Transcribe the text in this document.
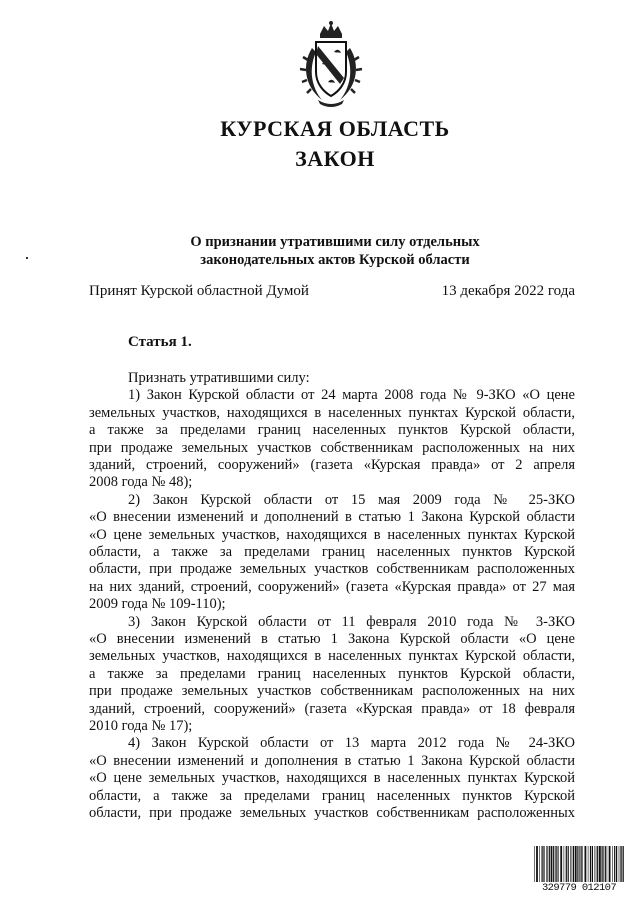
КУРСКАЯ ОБЛАСТЬ
ЗАКОН
О признании утратившими силу отдельных
законодательных актов Курской области
Принят Курской областной Думой	13 декабря 2022 года
Статья 1.
Признать утратившими силу:
1) Закон Курской области от 24 марта 2008 года № 9-ЗКО «О цене
земельных участков, находящихся в населенных пунктах Курской области,
а также за пределами границ населенных пунктов Курской области,
при продаже земельных участков собственникам расположенных на них
зданий, строений, сооружений» (газета «Курская правда» от 2 апреля
2008 года № 48);
2) Закон Курской области от 15 мая 2009 года № 25-ЗКО
«О внесении изменений и дополнений в статью 1 Закона Курской области
«О цене земельных участков, находящихся в населенных пунктах Курской
области, а также за пределами границ населенных пунктов Курской
области, при продаже земельных участков собственникам расположенных
на них зданий, строений, сооружений» (газета «Курская правда» от 27 мая
2009 года № 109-110);
3) Закон Курской области от 11 февраля 2010 года № 3-ЗКО
«О внесении изменений в статью 1 Закона Курской области «О цене
земельных участков, находящихся в населенных пунктах Курской области,
а также за пределами границ населенных пунктов Курской области,
при продаже земельных участков собственникам расположенных на них
зданий, строений, сооружений» (газета «Курская правда» от 18 февраля
2010 года № 17);
4) Закон Курской области от 13 марта 2012 года № 24-ЗКО
«О внесении изменений и дополнения в статью 1 Закона Курской области
«О цене земельных участков, находящихся в населенных пунктах Курской
области, а также за пределами границ населенных пунктов Курской
области, при продаже земельных участков собственникам расположенных
329779 012107
